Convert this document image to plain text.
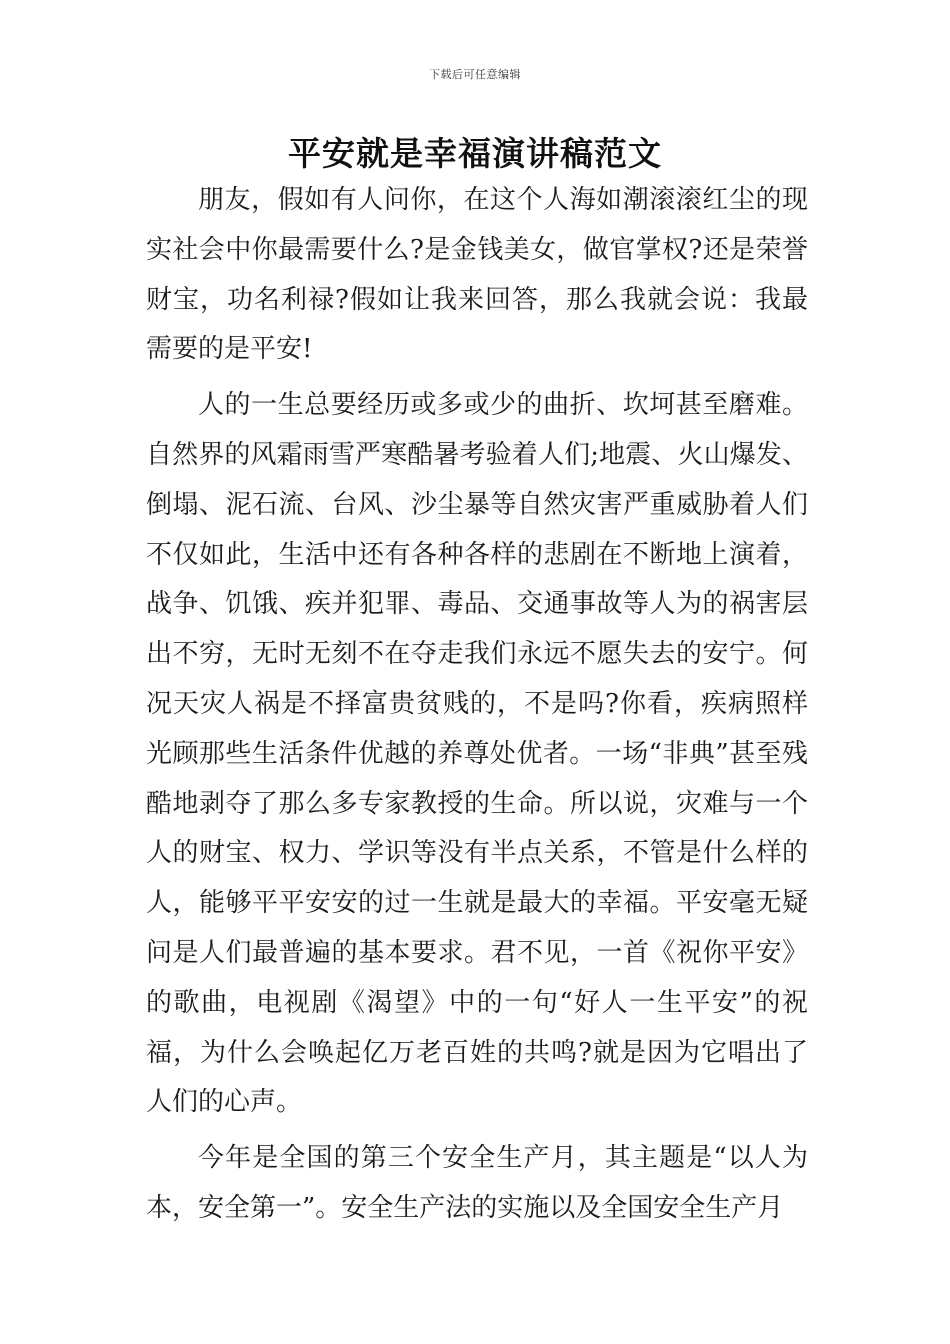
下载后可任意编辑
平安就是幸福演讲稿范文

朋友，假如有人问你，在这个人海如潮滚滚红尘的现实社会中你最需要什么?是金钱美女，做官掌权?还是荣誉财宝，功名利禄?假如让我来回答，那么我就会说：我最需要的是平安!

人的一生总要经历或多或少的曲折、坎坷甚至磨难。自然界的风霜雨雪严寒酷暑考验着人们;地震、火山爆发、倒塌、泥石流、台风、沙尘暴等自然灾害严重威胁着人们不仅如此，生活中还有各种各样的悲剧在不断地上演着，战争、饥饿、疾并犯罪、毒品、交通事故等人为的祸害层出不穷，无时无刻不在夺走我们永远不愿失去的安宁。何况天灾人祸是不择富贵贫贱的，不是吗?你看，疾病照样光顾那些生活条件优越的养尊处优者。一场“非典”甚至残酷地剥夺了那么多专家教授的生命。所以说，灾难与一个人的财宝、权力、学识等没有半点关系，不管是什么样的人，能够平平安安的过一生就是最大的幸福。平安毫无疑问是人们最普遍的基本要求。君不见，一首《祝你平安》的歌曲，电视剧《渴望》中的一句“好人一生平安”的祝福，为什么会唤起亿万老百姓的共鸣?就是因为它唱出了人们的心声。

今年是全国的第三个安全生产月，其主题是“以人为本，安全第一”。安全生产法的实施以及全国安全生产月
